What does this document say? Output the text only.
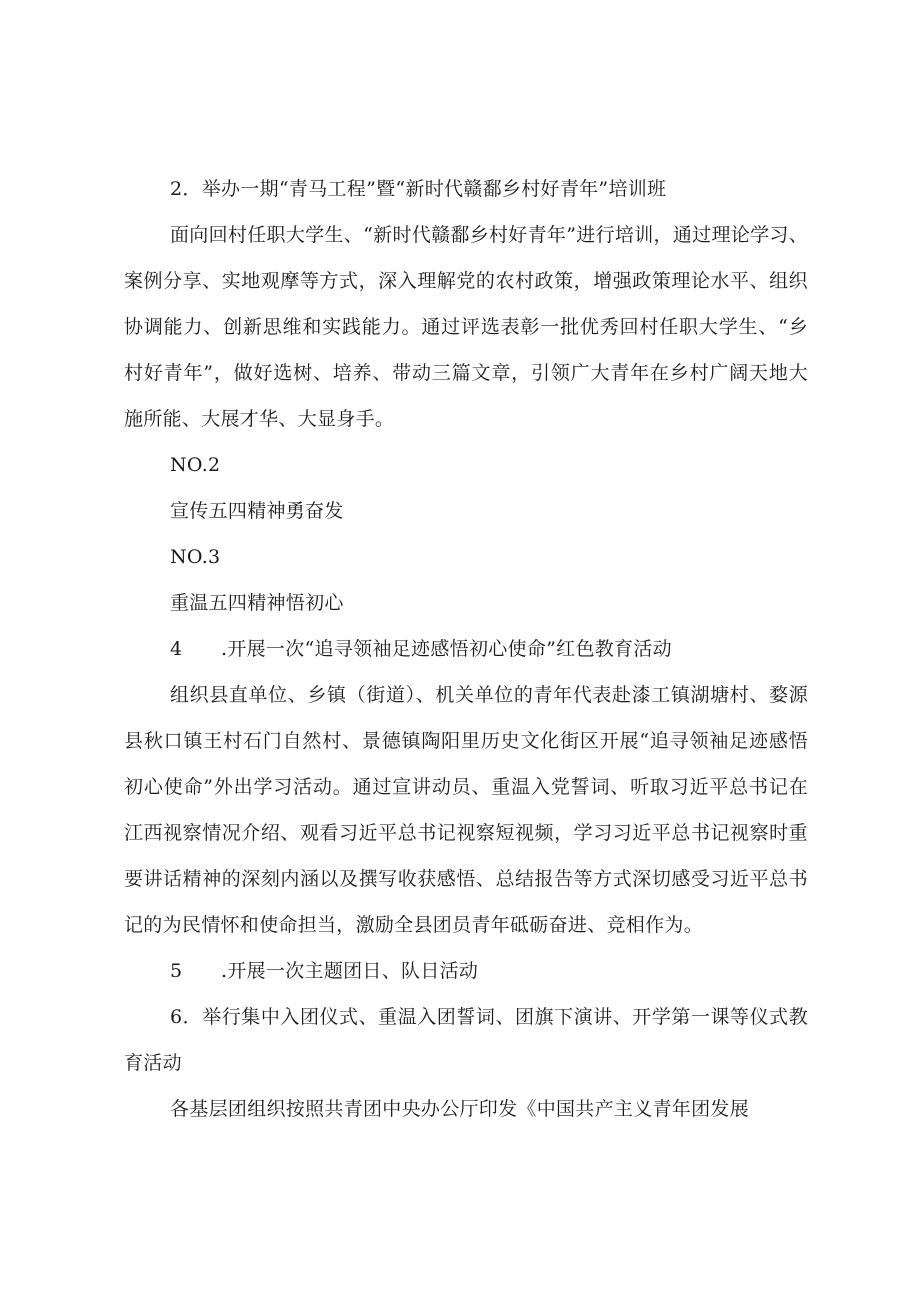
2．举办一期“青马工程”暨“新时代赣鄱乡村好青年”培训班

面向回村任职大学生、“新时代赣鄱乡村好青年”进行培训，通过理论学习、案例分享、实地观摩等方式，深入理解党的农村政策，增强政策理论水平、组织协调能力、创新思维和实践能力。通过评选表彰一批优秀回村任职大学生、“乡村好青年”，做好选树、培养、带动三篇文章，引领广大青年在乡村广阔天地大施所能、大展才华、大显身手。

NO.2

宣传五四精神勇奋发

NO.3

重温五四精神悟初心

4　　.开展一次“追寻领袖足迹感悟初心使命”红色教育活动

组织县直单位、乡镇（街道）、机关单位的青年代表赴漆工镇湖塘村、婺源县秋口镇王村石门自然村、景德镇陶阳里历史文化街区开展“追寻领袖足迹感悟初心使命”外出学习活动。通过宣讲动员、重温入党誓词、听取习近平总书记在江西视察情况介绍、观看习近平总书记视察短视频，学习习近平总书记视察时重要讲话精神的深刻内涵以及撰写收获感悟、总结报告等方式深切感受习近平总书记的为民情怀和使命担当，激励全县团员青年砥砺奋进、竞相作为。

5　　.开展一次主题团日、队日活动

6．举行集中入团仪式、重温入团誓词、团旗下演讲、开学第一课等仪式教育活动

各基层团组织按照共青团中央办公厅印发《中国共产主义青年团发展
